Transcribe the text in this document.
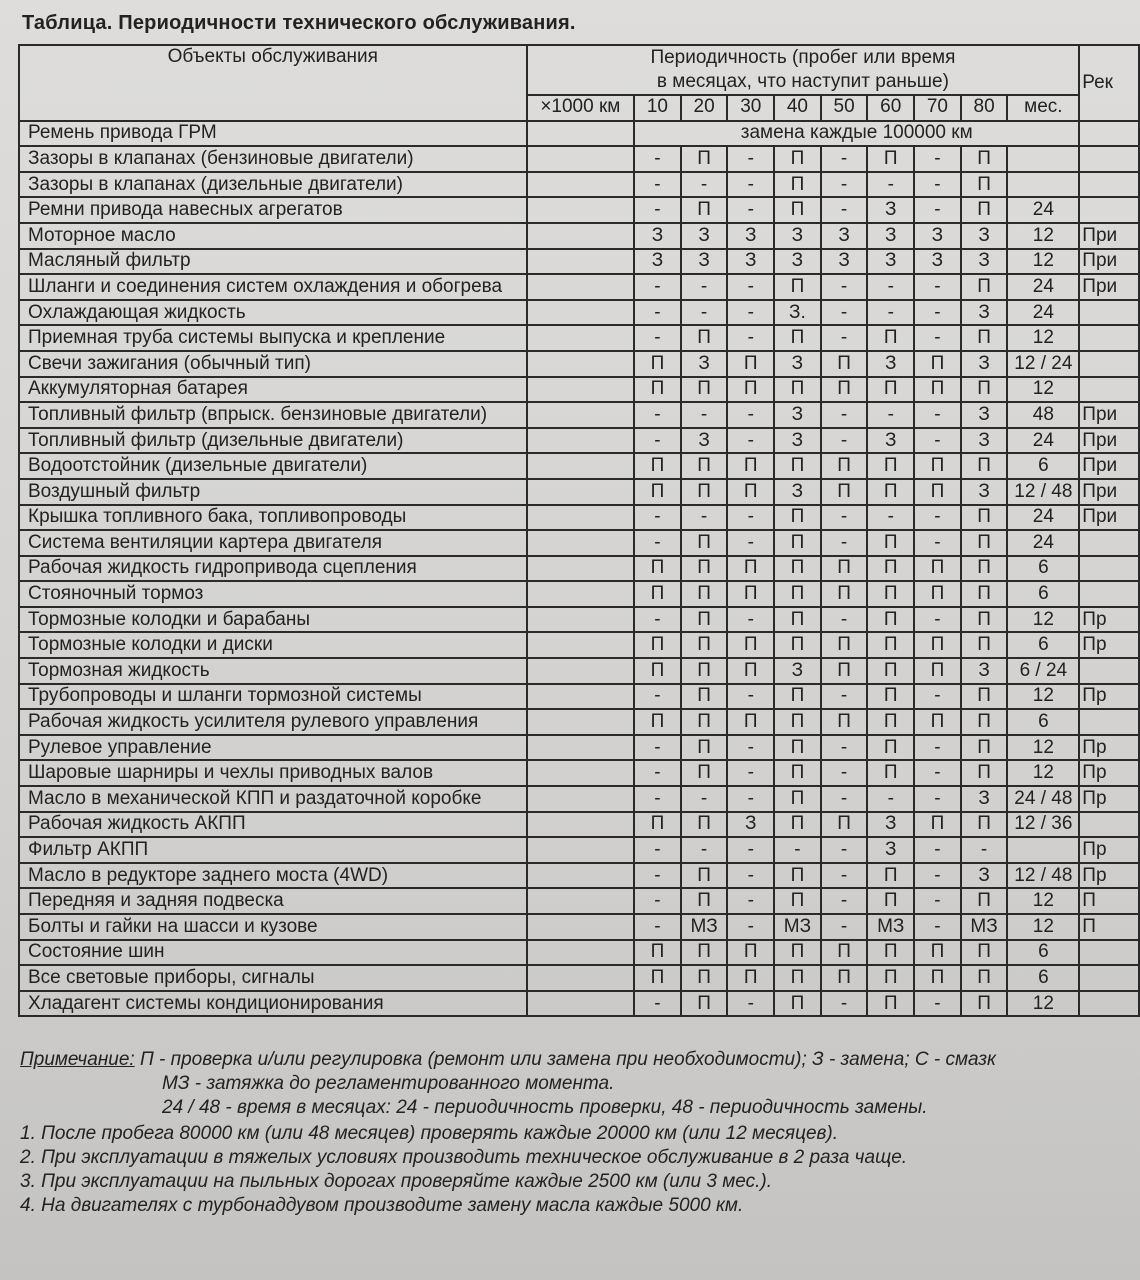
Таблица. Периодичности технического обслуживания.
Объекты обслуживания	Периодичность (пробег или время в месяцах, что наступит раньше)										Рек
	×1000 км	10	20	30	40	50	60	70	80	мес.	
Ремень привода ГРМ		замена каждые 100000 км									
Зазоры в клапанах (бензиновые двигатели)		-	П	-	П	-	П	-	П		
Зазоры в клапанах (дизельные двигатели)		-	-	-	П	-	-	-	П		
Ремни привода навесных агрегатов		-	П	-	П	-	З	-	П	24	
Моторное масло		З	З	З	З	З	З	З	З	12	При
Масляный фильтр		З	З	З	З	З	З	З	З	12	При
Шланги и соединения систем охлаждения и обогрева		-	-	-	П	-	-	-	П	24	При
Охлаждающая жидкость		-	-	-	З.	-	-	-	З	24	
Приемная труба системы выпуска и крепление		-	П	-	П	-	П	-	П	12	
Свечи зажигания (обычный тип)		П	З	П	З	П	З	П	З	12 / 24	
Аккумуляторная батарея		П	П	П	П	П	П	П	П	12	
Топливный фильтр (впрыск. бензиновые двигатели)		-	-	-	З	-	-	-	З	48	При
Топливный фильтр (дизельные двигатели)		-	З	-	З	-	З	-	З	24	При
Водоотстойник (дизельные двигатели)		П	П	П	П	П	П	П	П	6	При
Воздушный фильтр		П	П	П	З	П	П	П	З	12 / 48	При
Крышка топливного бака, топливопроводы		-	-	-	П	-	-	-	П	24	При
Система вентиляции картера двигателя		-	П	-	П	-	П	-	П	24	
Рабочая жидкость гидропривода сцепления		П	П	П	П	П	П	П	П	6	
Стояночный тормоз		П	П	П	П	П	П	П	П	6	
Тормозные колодки и барабаны		-	П	-	П	-	П	-	П	12	Пр
Тормозные колодки и диски		П	П	П	П	П	П	П	П	6	Пр
Тормозная жидкость		П	П	П	З	П	П	П	З	6 / 24	
Трубопроводы и шланги тормозной системы		-	П	-	П	-	П	-	П	12	Пр
Рабочая жидкость усилителя рулевого управления		П	П	П	П	П	П	П	П	6	
Рулевое управление		-	П	-	П	-	П	-	П	12	Пр
Шаровые шарниры и чехлы приводных валов		-	П	-	П	-	П	-	П	12	Пр
Масло в механической КПП и раздаточной коробке		-	-	-	П	-	-	-	З	24 / 48	Пр
Рабочая жидкость АКПП		П	П	З	П	П	З	П	П	12 / 36	
Фильтр АКПП		-	-	-	-	-	З	-	-		Пр
Масло в редукторе заднего моста (4WD)		-	П	-	П	-	П	-	З	12 / 48	Пр
Передняя и задняя подвеска		-	П	-	П	-	П	-	П	12	П
Болты и гайки на шасси и кузове		-	МЗ	-	МЗ	-	МЗ	-	МЗ	12	П
Состояние шин		П	П	П	П	П	П	П	П	6	
Все световые приборы, сигналы		П	П	П	П	П	П	П	П	6	
Хладагент системы кондиционирования		-	П	-	П	-	П	-	П	12	
Примечание: П - проверка и/или регулировка (ремонт или замена при необходимости); З - замена; С - смазк
МЗ - затяжка до регламентированного момента.
24 / 48 - время в месяцах: 24 - периодичность проверки, 48 - периодичность замены.
1. После пробега 80000 км (или 48 месяцев) проверять каждые 20000 км (или 12 месяцев).
2. При эксплуатации в тяжелых условиях производить техническое обслуживание в 2 раза чаще.
3. При эксплуатации на пыльных дорогах проверяйте каждые 2500 км (или 3 мес.).
4. На двигателях с турбонаддувом производите замену масла каждые 5000 км.
